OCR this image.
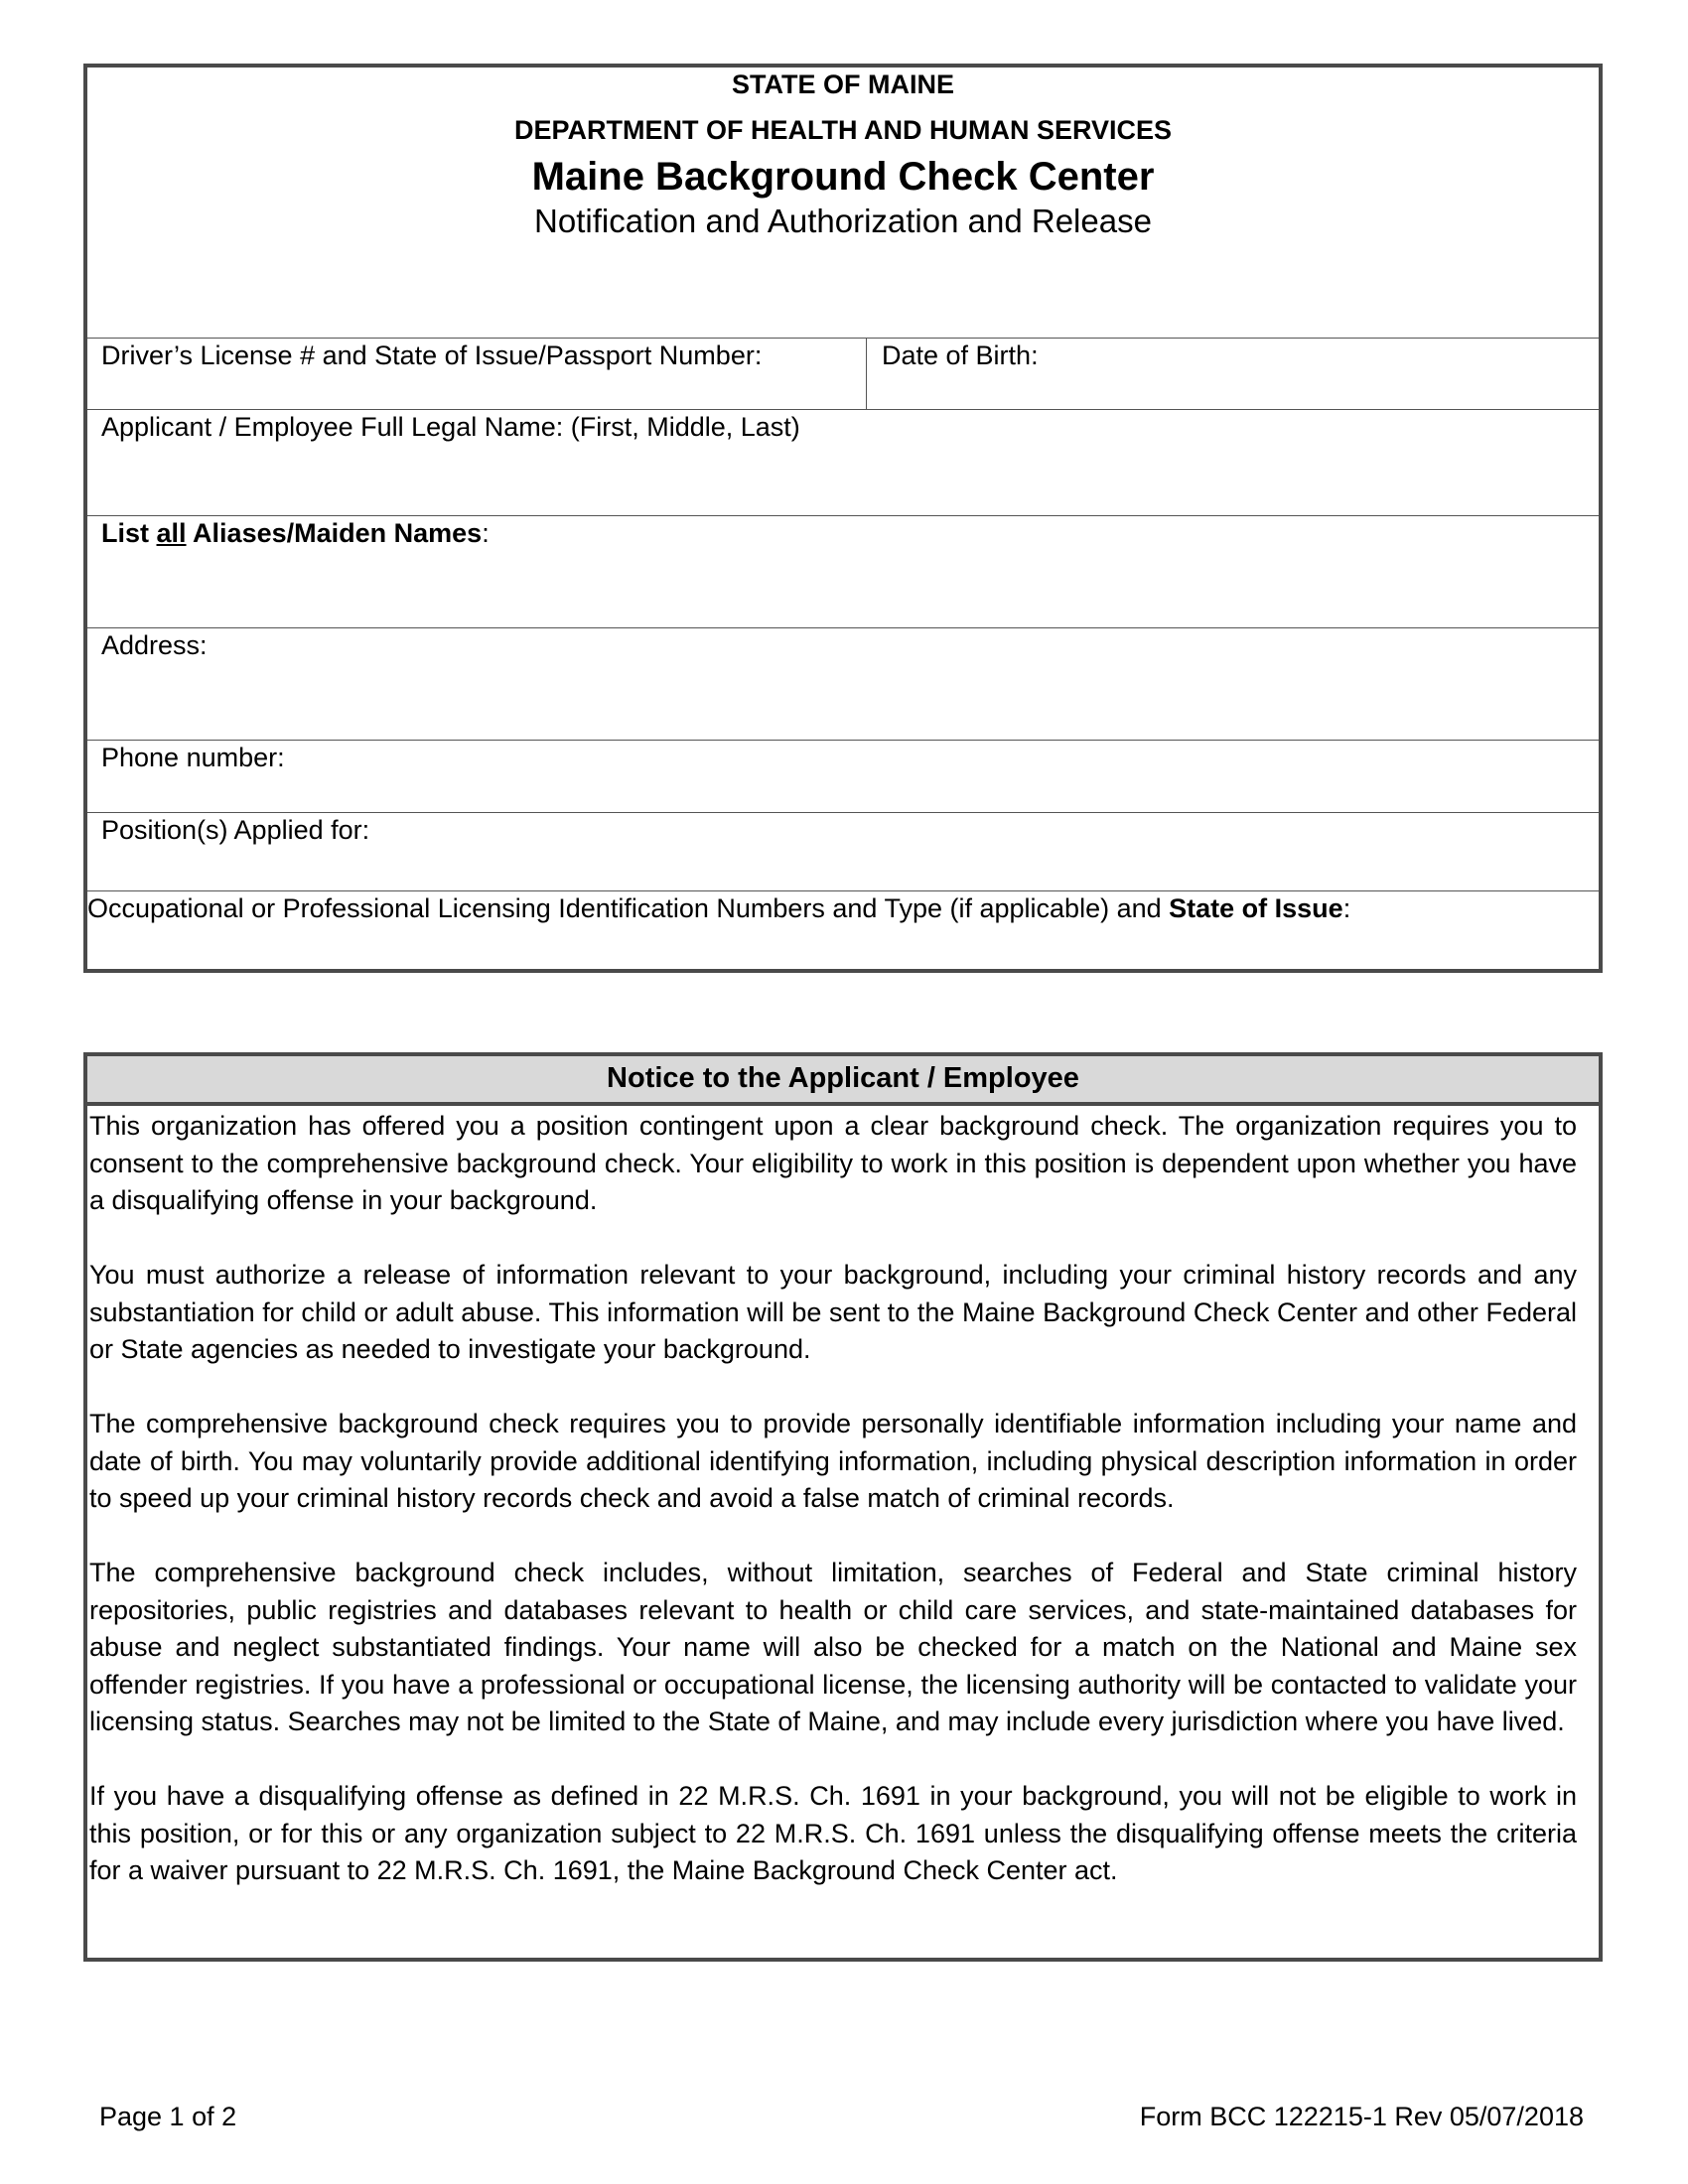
STATE OF MAINE
DEPARTMENT OF HEALTH AND HUMAN SERVICES
Maine Background Check Center
Notification and Authorization and Release
Driver’s License # and State of Issue/Passport Number:	Date of Birth:
Applicant / Employee Full Legal Name: (First, Middle, Last)
List all Aliases/Maiden Names:
Address:
Phone number:
Position(s) Applied for:
Occupational or Professional Licensing Identification Numbers and Type (if applicable) and State of Issue:
Notice to the Applicant / Employee

This organization has offered you a position contingent upon a clear background check. The organization requires you to consent to the comprehensive background check. Your eligibility to work in this position is dependent upon whether you have a disqualifying offense in your background.

You must authorize a release of information relevant to your background, including your criminal history records and any substantiation for child or adult abuse. This information will be sent to the Maine Background Check Center and other Federal or State agencies as needed to investigate your background.

The comprehensive background check requires you to provide personally identifiable information including your name and date of birth. You may voluntarily provide additional identifying information, including physical description information in order to speed up your criminal history records check and avoid a false match of criminal records.

The comprehensive background check includes, without limitation, searches of Federal and State criminal history repositories, public registries and databases relevant to health or child care services, and state-maintained databases for abuse and neglect substantiated findings. Your name will also be checked for a match on the National and Maine sex offender registries. If you have a professional or occupational license, the licensing authority will be contacted to validate your licensing status. Searches may not be limited to the State of Maine, and may include every jurisdiction where you have lived.

If you have a disqualifying offense as defined in 22 M.R.S. Ch. 1691 in your background, you will not be eligible to work in this position, or for this or any organization subject to 22 M.R.S. Ch. 1691 unless the disqualifying offense meets the criteria for a waiver pursuant to 22 M.R.S. Ch. 1691, the Maine Background Check Center act.

Page 1 of 2	Form BCC 122215-1 Rev 05/07/2018
